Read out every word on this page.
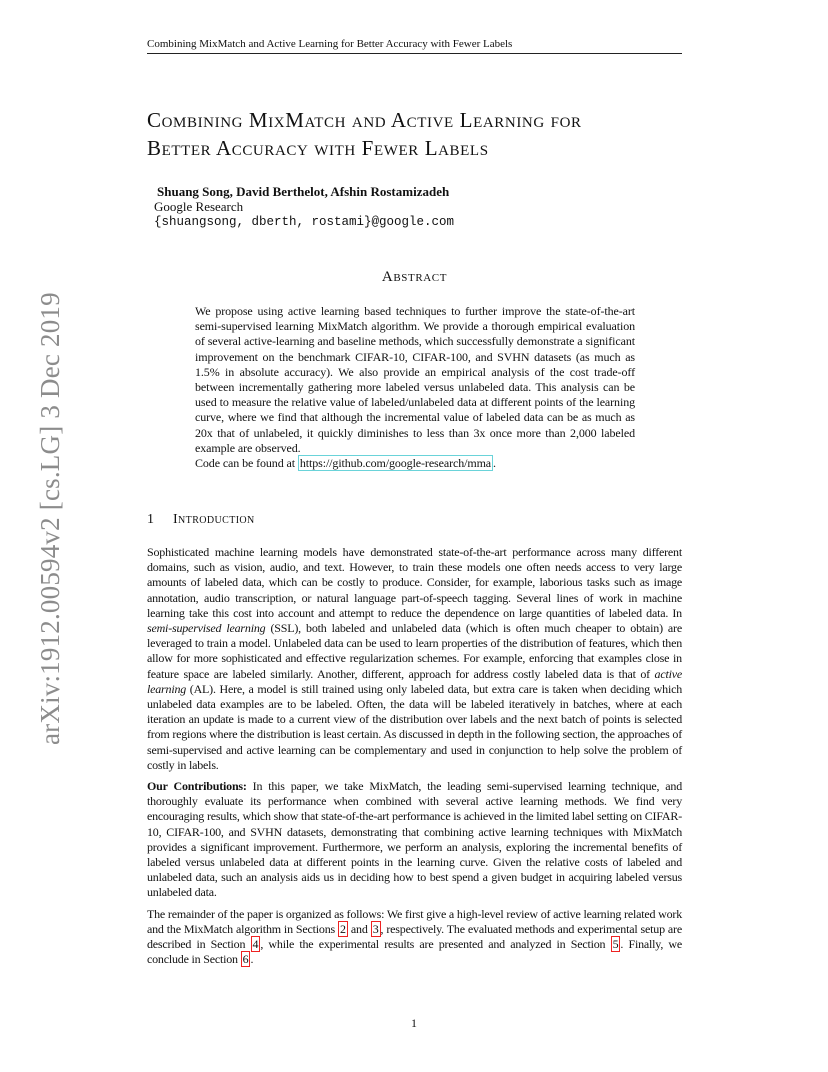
Combining MixMatch and Active Learning for Better Accuracy with Fewer Labels
arXiv:1912.00594v2 [cs.LG] 3 Dec 2019
Combining MixMatch and Active Learning for
Better Accuracy with Fewer Labels
Shuang Song, David Berthelot, Afshin Rostamizadeh
Google Research
{shuangsong, dberth, rostami}@google.com
Abstract
We propose using active learning based techniques to further improve the state-of-the-art semi-supervised learning MixMatch algorithm. We provide a thorough empirical evaluation of several active-learning and baseline methods, which successfully demonstrate a significant improvement on the benchmark CIFAR-10, CIFAR-100, and SVHN datasets (as much as 1.5% in absolute accuracy). We also provide an empirical analysis of the cost trade-off between incrementally gathering more labeled versus unlabeled data. This analysis can be used to measure the relative value of labeled/unlabeled data at different points of the learning curve, where we find that although the incremental value of labeled data can be as much as 20x that of unlabeled, it quickly diminishes to less than 3x once more than 2,000 labeled example are observed.
Code can be found at https://github.com/google-research/mma .
1 Introduction

Sophisticated machine learning models have demonstrated state-of-the-art performance across many different domains, such as vision, audio, and text. However, to train these models one often needs access to very large amounts of labeled data, which can be costly to produce. Consider, for example, laborious tasks such as image annotation, audio transcription, or natural language part-of-speech tagging. Several lines of work in machine learning take this cost into account and attempt to reduce the dependence on large quantities of labeled data. In semi-supervised learning (SSL), both labeled and unlabeled data (which is often much cheaper to obtain) are leveraged to train a model. Unlabeled data can be used to learn properties of the distribution of features, which then allow for more sophisticated and effective regularization schemes. For example, enforcing that examples close in feature space are labeled similarly. Another, different, approach for address costly labeled data is that of active learning (AL). Here, a model is still trained using only labeled data, but extra care is taken when deciding which unlabeled data examples are to be labeled. Often, the data will be labeled iteratively in batches, where at each iteration an update is made to a current view of the distribution over labels and the next batch of points is selected from regions where the distribution is least certain. As discussed in depth in the following section, the approaches of semi-supervised and active learning can be complementary and used in conjunction to help solve the problem of costly in labels.

Our Contributions: In this paper, we take MixMatch, the leading semi-supervised learning technique, and thoroughly evaluate its performance when combined with several active learning methods. We find very encouraging results, which show that state-of-the-art performance is achieved in the limited label setting on CIFAR-10, CIFAR-100, and SVHN datasets, demonstrating that combining active learning techniques with MixMatch provides a significant improvement. Furthermore, we perform an analysis, exploring the incremental benefits of labeled versus unlabeled data at different points in the learning curve. Given the relative costs of labeled and unlabeled data, such an analysis aids us in deciding how to best spend a given budget in acquiring labeled versus unlabeled data.

The remainder of the paper is organized as follows: We first give a high-level review of active learning related work and the MixMatch algorithm in Sections 2 and 3 , respectively. The evaluated methods and experimental setup are described in Section 4 , while the experimental results are presented and analyzed in Section 5 . Finally, we conclude in Section 6 .

1
